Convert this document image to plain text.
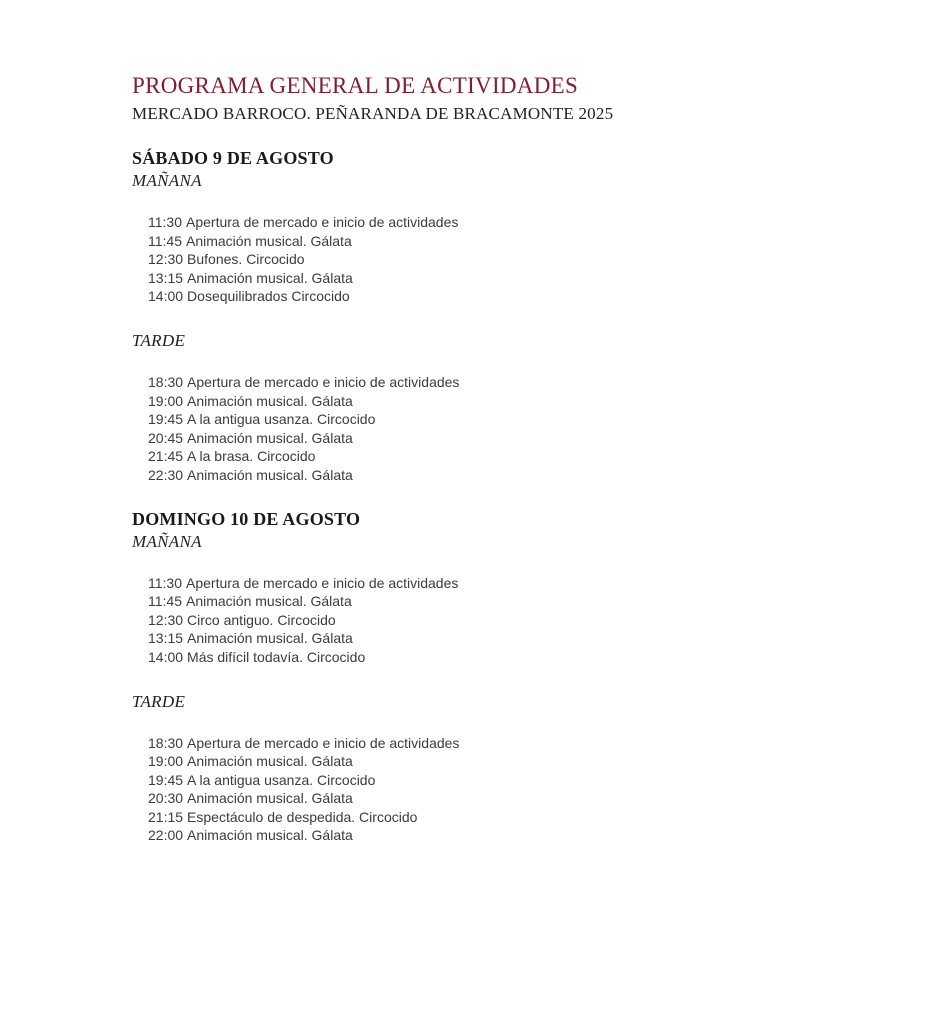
PROGRAMA GENERAL DE ACTIVIDADES
MERCADO BARROCO. PEÑARANDA DE BRACAMONTE 2025
SÁBADO 9 DE AGOSTO
MAÑANA
11:30 Apertura de mercado e inicio de actividades
11:45 Animación musical. Gálata
12:30 Bufones. Circocido
13:15 Animación musical. Gálata
14:00 Dosequilibrados Circocido
TARDE
18:30 Apertura de mercado e inicio de actividades
19:00 Animación musical. Gálata
19:45 A la antigua usanza. Circocido
20:45 Animación musical. Gálata
21:45 A la brasa. Circocido
22:30 Animación musical. Gálata
DOMINGO 10 DE AGOSTO
MAÑANA
11:30 Apertura de mercado e inicio de actividades
11:45 Animación musical. Gálata
12:30 Circo antiguo. Circocido
13:15 Animación musical. Gálata
14:00 Más difícil todavía. Circocido
TARDE
18:30 Apertura de mercado e inicio de actividades
19:00 Animación musical. Gálata
19:45 A la antigua usanza. Circocido
20:30 Animación musical. Gálata
21:15 Espectáculo de despedida. Circocido
22:00 Animación musical. Gálata
